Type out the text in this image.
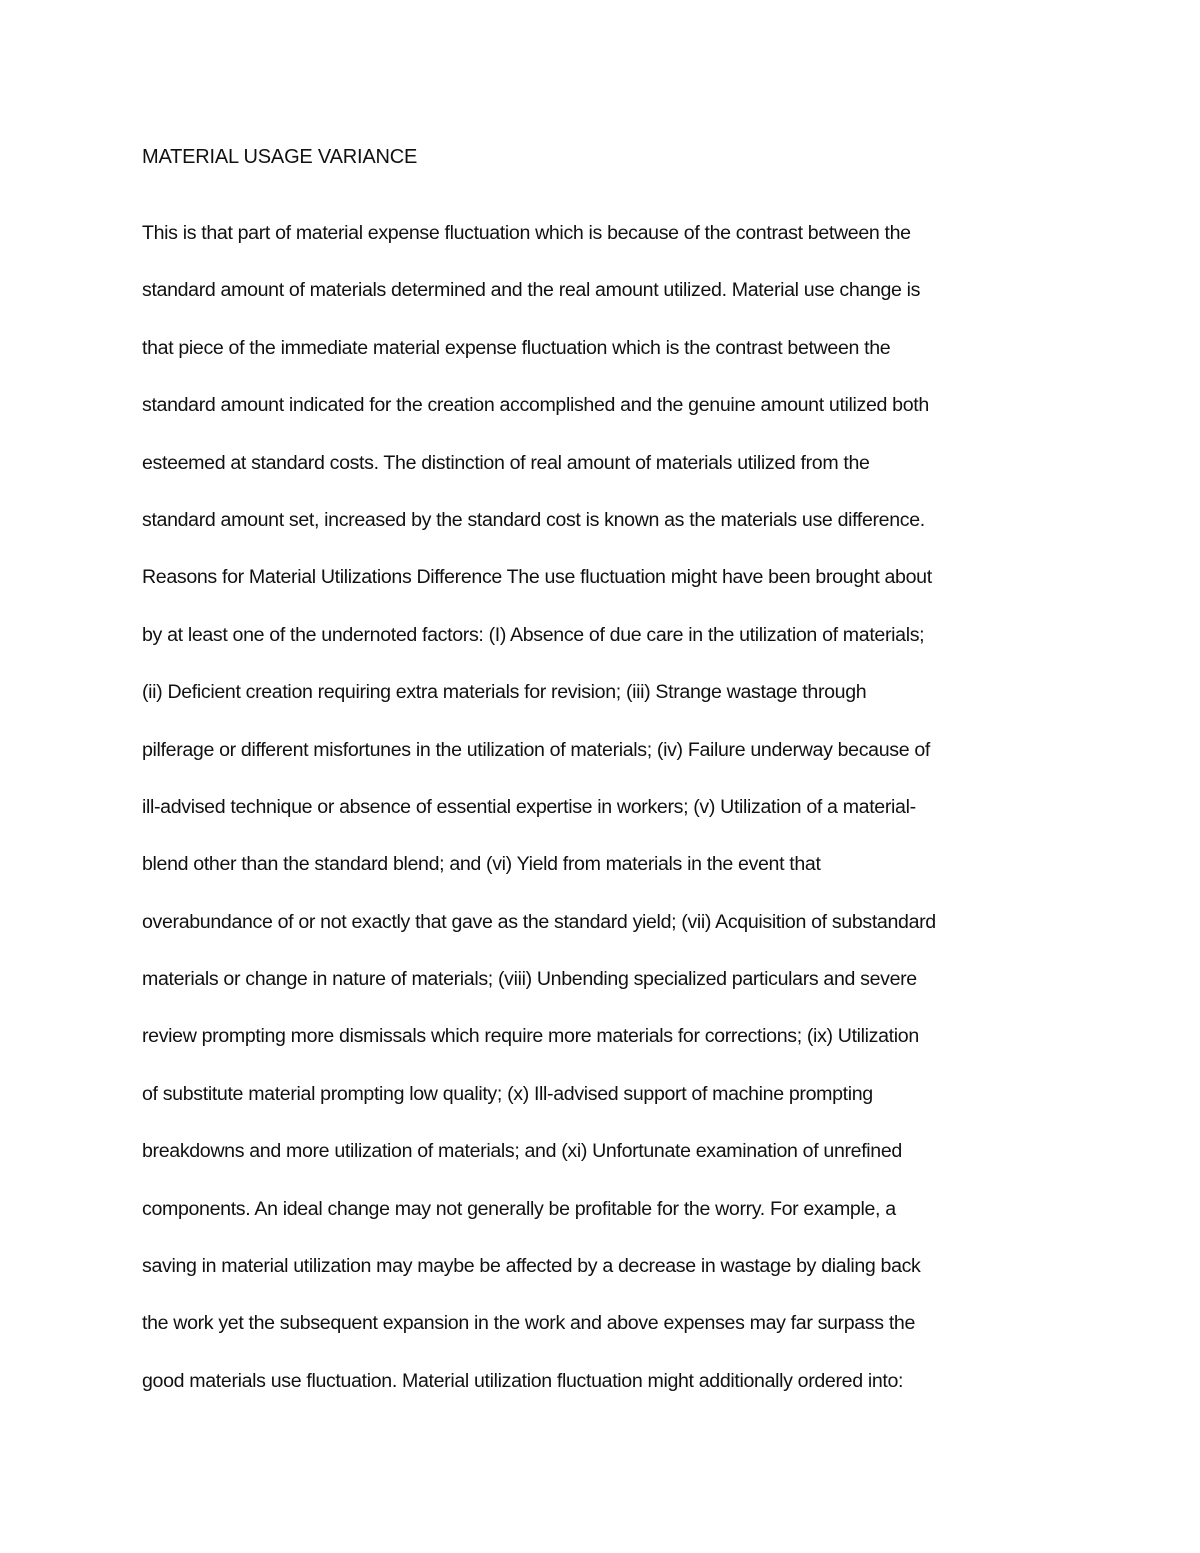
MATERIAL USAGE VARIANCE
This is that part of material expense fluctuation which is because of the contrast between the
standard amount of materials determined and the real amount utilized. Material use change is
that piece of the immediate material expense fluctuation which is the contrast between the
standard amount indicated for the creation accomplished and the genuine amount utilized both
esteemed at standard costs. The distinction of real amount of materials utilized from the
standard amount set, increased by the standard cost is known as the materials use difference.
Reasons for Material Utilizations Difference The use fluctuation might have been brought about
by at least one of the undernoted factors: (I) Absence of due care in the utilization of materials;
(ii) Deficient creation requiring extra materials for revision; (iii) Strange wastage through
pilferage or different misfortunes in the utilization of materials; (iv) Failure underway because of
ill-advised technique or absence of essential expertise in workers; (v) Utilization of a material-
blend other than the standard blend; and (vi) Yield from materials in the event that
overabundance of or not exactly that gave as the standard yield; (vii) Acquisition of substandard
materials or change in nature of materials; (viii) Unbending specialized particulars and severe
review prompting more dismissals which require more materials for corrections; (ix) Utilization
of substitute material prompting low quality; (x) Ill-advised support of machine prompting
breakdowns and more utilization of materials; and (xi) Unfortunate examination of unrefined
components. An ideal change may not generally be profitable for the worry. For example, a
saving in material utilization may maybe be affected by a decrease in wastage by dialing back
the work yet the subsequent expansion in the work and above expenses may far surpass the
good materials use fluctuation. Material utilization fluctuation might additionally ordered into:
